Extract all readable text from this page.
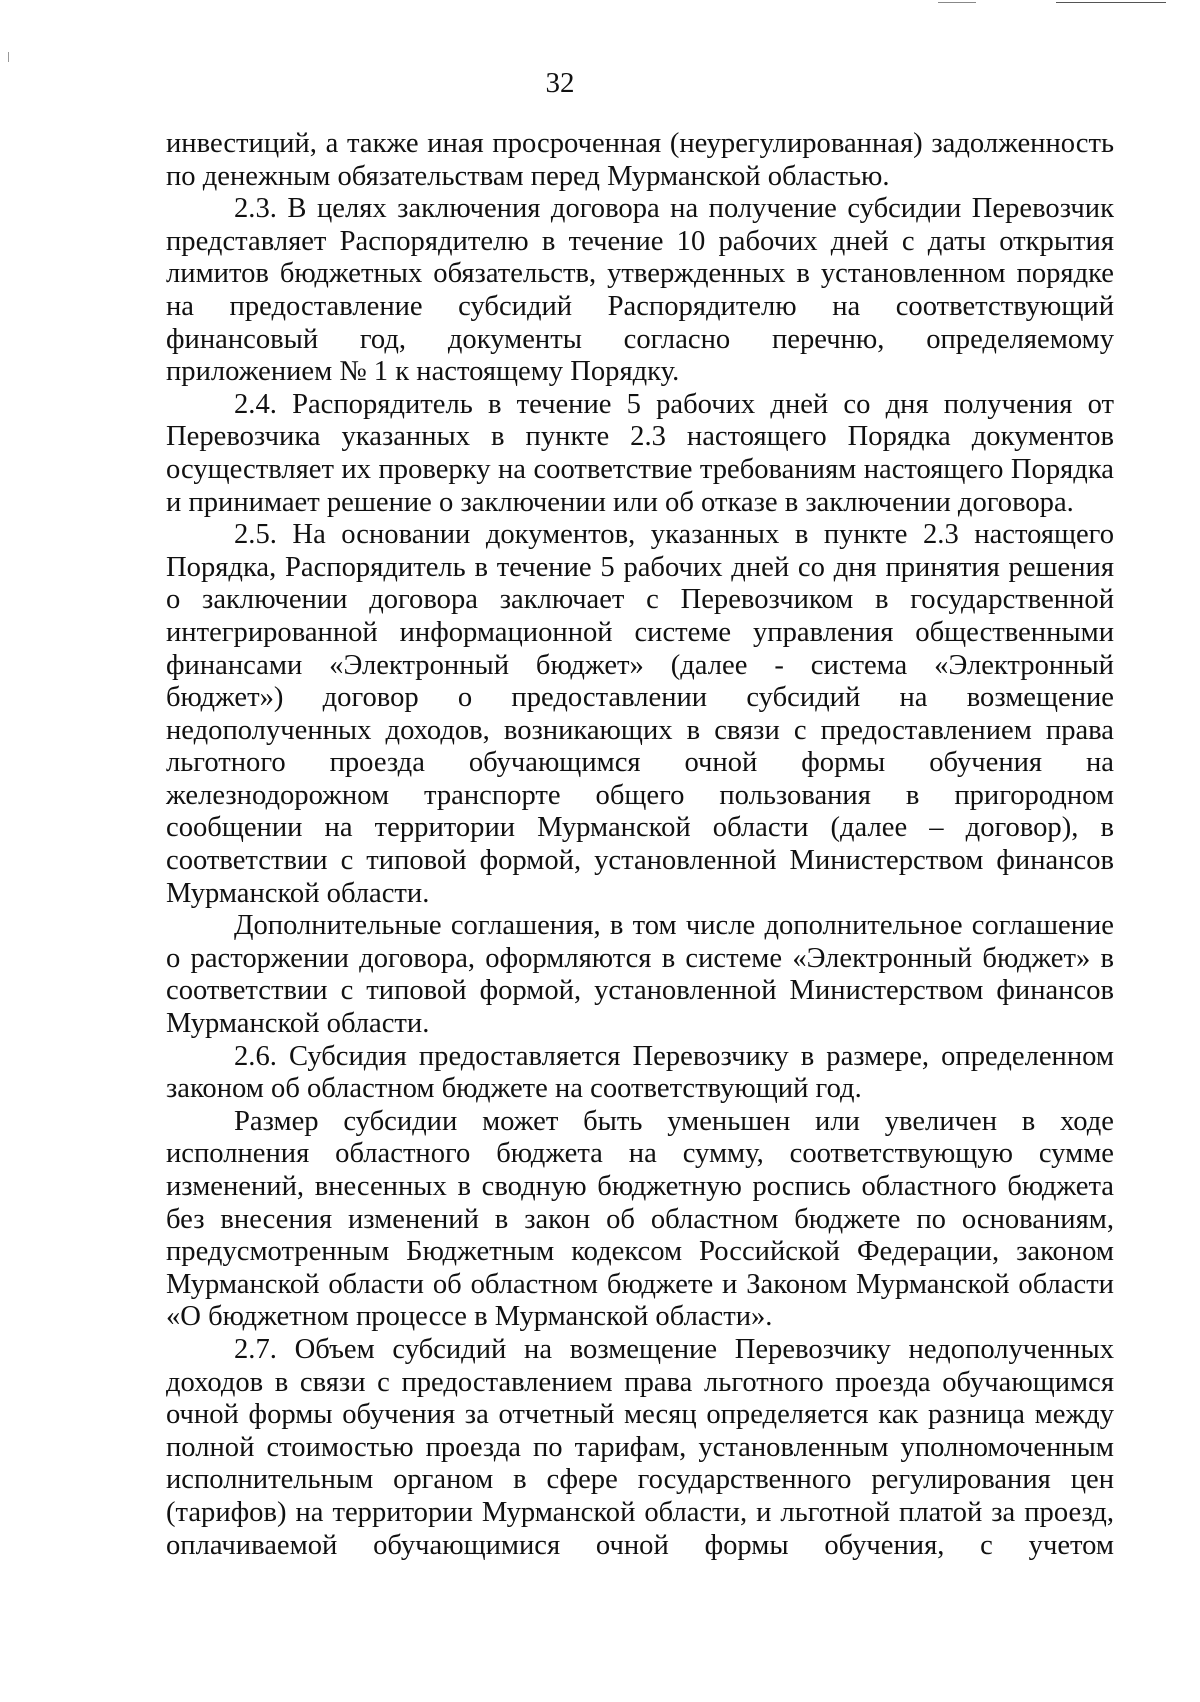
32

инвестиций, а также иная просроченная (неурегулированная) задолженность по денежным обязательствам перед Мурманской областью.

2.3. В целях заключения договора на получение субсидии Перевозчик представляет Распорядителю в течение 10 рабочих дней с даты открытия лимитов бюджетных обязательств, утвержденных в установленном порядке на предоставление субсидий Распорядителю на соответствующий финансовый год, документы согласно перечню, определяемому приложением № 1 к настоящему Порядку.

2.4. Распорядитель в течение 5 рабочих дней со дня получения от Перевозчика указанных в пункте 2.3 настоящего Порядка документов осуществляет их проверку на соответствие требованиям настоящего Порядка и принимает решение о заключении или об отказе в заключении договора.

2.5. На основании документов, указанных в пункте 2.3 настоящего Порядка, Распорядитель в течение 5 рабочих дней со дня принятия решения о заключении договора заключает с Перевозчиком в государственной интегрированной информационной системе управления общественными финансами «Электронный бюджет» (далее - система «Электронный бюджет») договор о предоставлении субсидий на возмещение недополученных доходов, возникающих в связи с предоставлением права льготного проезда обучающимся очной формы обучения на железнодорожном транспорте общего пользования в пригородном сообщении на территории Мурманской области (далее – договор), в соответствии с типовой формой, установленной Министерством финансов Мурманской области.

Дополнительные соглашения, в том числе дополнительное соглашение о расторжении договора, оформляются в системе «Электронный бюджет» в соответствии с типовой формой, установленной Министерством финансов Мурманской области.

2.6. Субсидия предоставляется Перевозчику в размере, определенном законом об областном бюджете на соответствующий год.

Размер субсидии может быть уменьшен или увеличен в ходе исполнения областного бюджета на сумму, соответствующую сумме изменений, внесенных в сводную бюджетную роспись областного бюджета без внесения изменений в закон об областном бюджете по основаниям, предусмотренным Бюджетным кодексом Российской Федерации, законом Мурманской области об областном бюджете и Законом Мурманской области «О бюджетном процессе в Мурманской области».

2.7. Объем субсидий на возмещение Перевозчику недополученных доходов в связи с предоставлением права льготного проезда обучающимся очной формы обучения за отчетный месяц определяется как разница между полной стоимостью проезда по тарифам, установленным уполномоченным исполнительным органом в сфере государственного регулирования цен (тарифов) на территории Мурманской области, и льготной платой за проезд, оплачиваемой обучающимися очной формы обучения, с учетом
